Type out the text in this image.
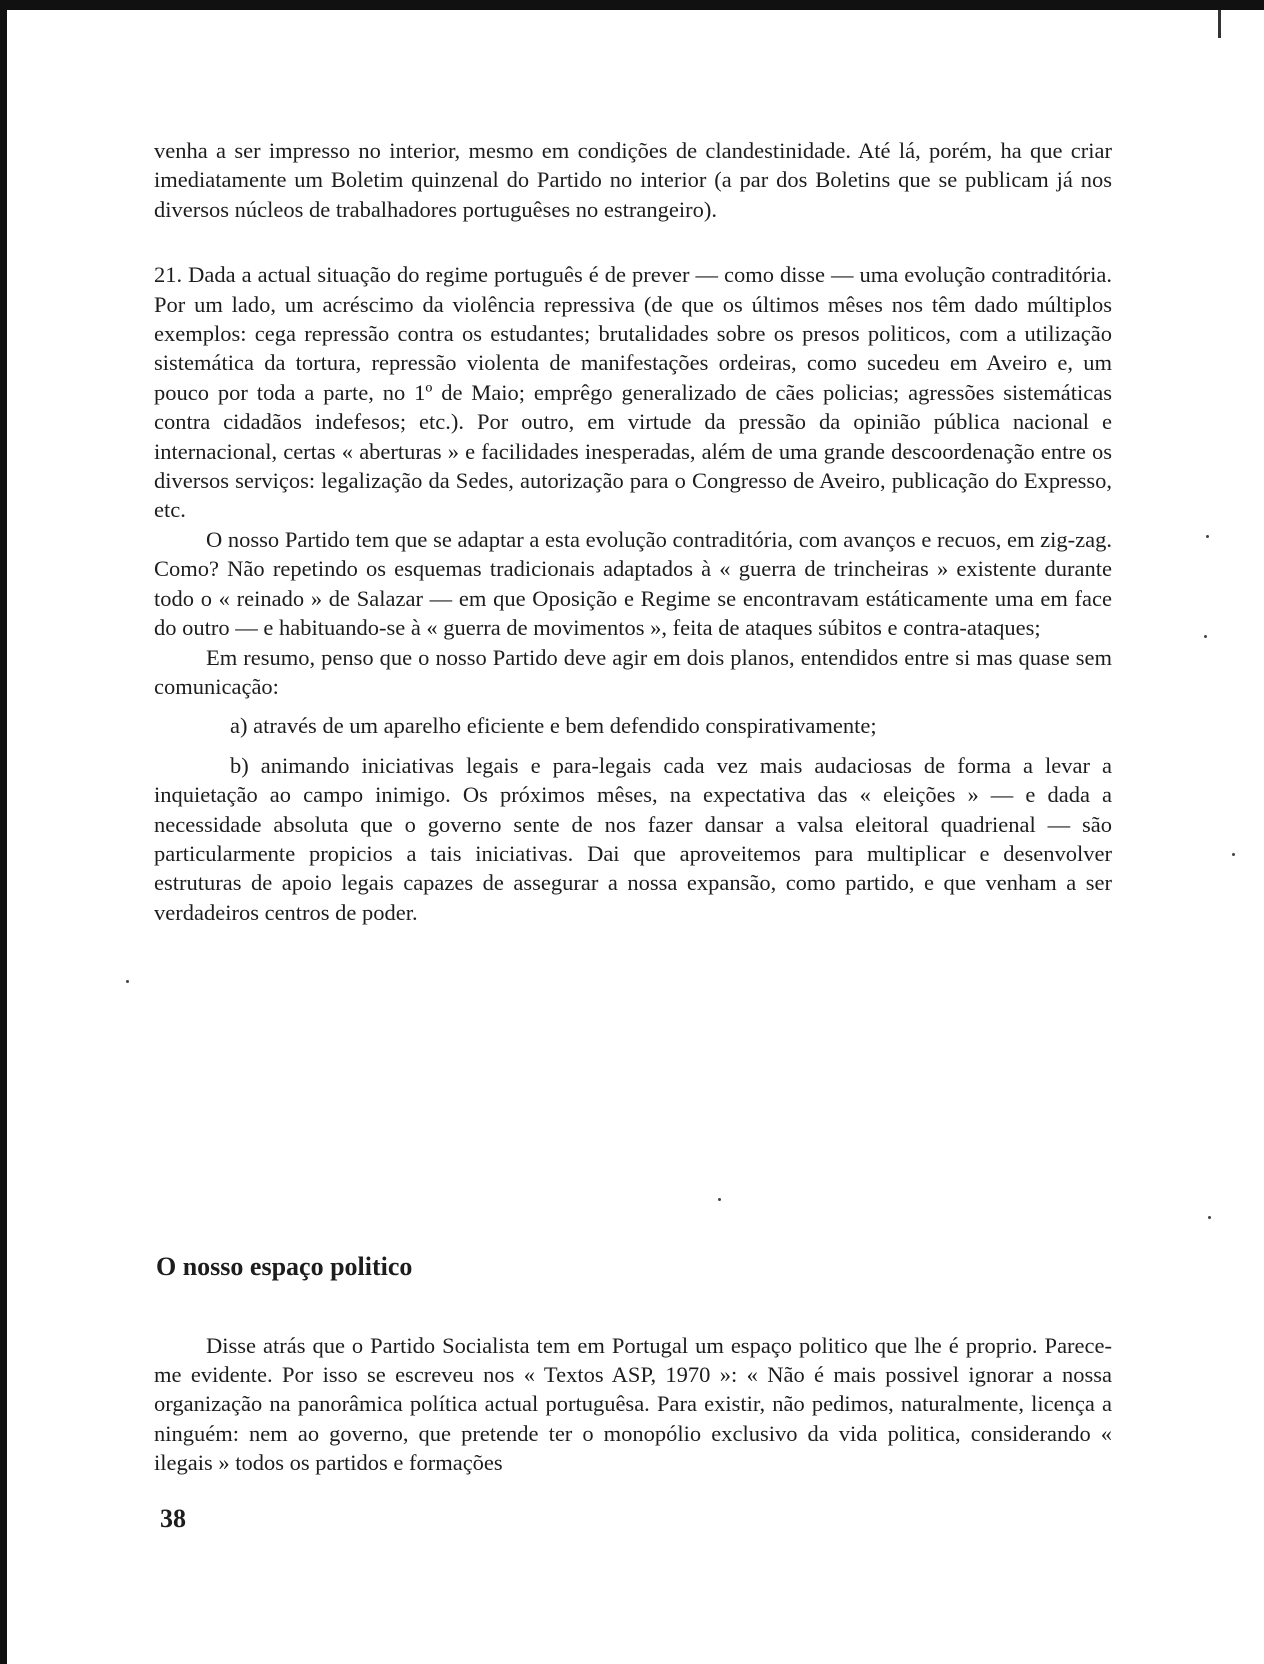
venha a ser impresso no interior, mesmo em condições de clandestinidade. Até lá, porém, ha que criar imediatamente um Boletim quinzenal do Partido no interior (a par dos Boletins que se publicam já nos diversos núcleos de trabalhadores portuguêses no estrangeiro).

21. Dada a actual situação do regime português é de prever — como disse — uma evolução contraditória. Por um lado, um acréscimo da violência repressiva (de que os últimos mêses nos têm dado múltiplos exemplos: cega repressão contra os estudantes; brutalidades sobre os presos politicos, com a utilização sistemática da tortura, repressão violenta de manifestações ordeiras, como sucedeu em Aveiro e, um pouco por toda a parte, no 1º de Maio; emprêgo generalizado de cães policias; agressões sistemáticas contra cidadãos indefesos; etc.). Por outro, em virtude da pressão da opinião pública nacional e internacional, certas « aberturas » e facilidades inesperadas, além de uma grande descoordenação entre os diversos serviços: legalização da Sedes, autorização para o Congresso de Aveiro, publicação do Expresso, etc.

O nosso Partido tem que se adaptar a esta evolução contraditória, com avanços e recuos, em zig-zag. Como? Não repetindo os esquemas tradicionais adaptados à « guerra de trincheiras » existente durante todo o « reinado » de Salazar — em que Oposição e Regime se encontravam estáticamente uma em face do outro — e habituando-se à « guerra de movimentos », feita de ataques súbitos e contra-ataques;

Em resumo, penso que o nosso Partido deve agir em dois planos, entendidos entre si mas quase sem comunicação:

a) através de um aparelho eficiente e bem defendido conspirativamente;

b) animando iniciativas legais e para-legais cada vez mais audaciosas de forma a levar a inquietação ao campo inimigo. Os próximos mêses, na expectativa das « eleições » — e dada a necessidade absoluta que o governo sente de nos fazer dansar a valsa eleitoral quadrienal — são particularmente propicios a tais iniciativas. Dai que aproveitemos para multiplicar e desenvolver estruturas de apoio legais capazes de assegurar a nossa expansão, como partido, e que venham a ser verdadeiros centros de poder.

O nosso espaço politico

Disse atrás que o Partido Socialista tem em Portugal um espaço politico que lhe é proprio. Parece-me evidente. Por isso se escreveu nos « Textos ASP, 1970 »: « Não é mais possivel ignorar a nossa organização na panorâmica política actual portuguêsa. Para existir, não pedimos, naturalmente, licença a ninguém: nem ao governo, que pretende ter o monopólio exclusivo da vida politica, considerando « ilegais » todos os partidos e formações

38
